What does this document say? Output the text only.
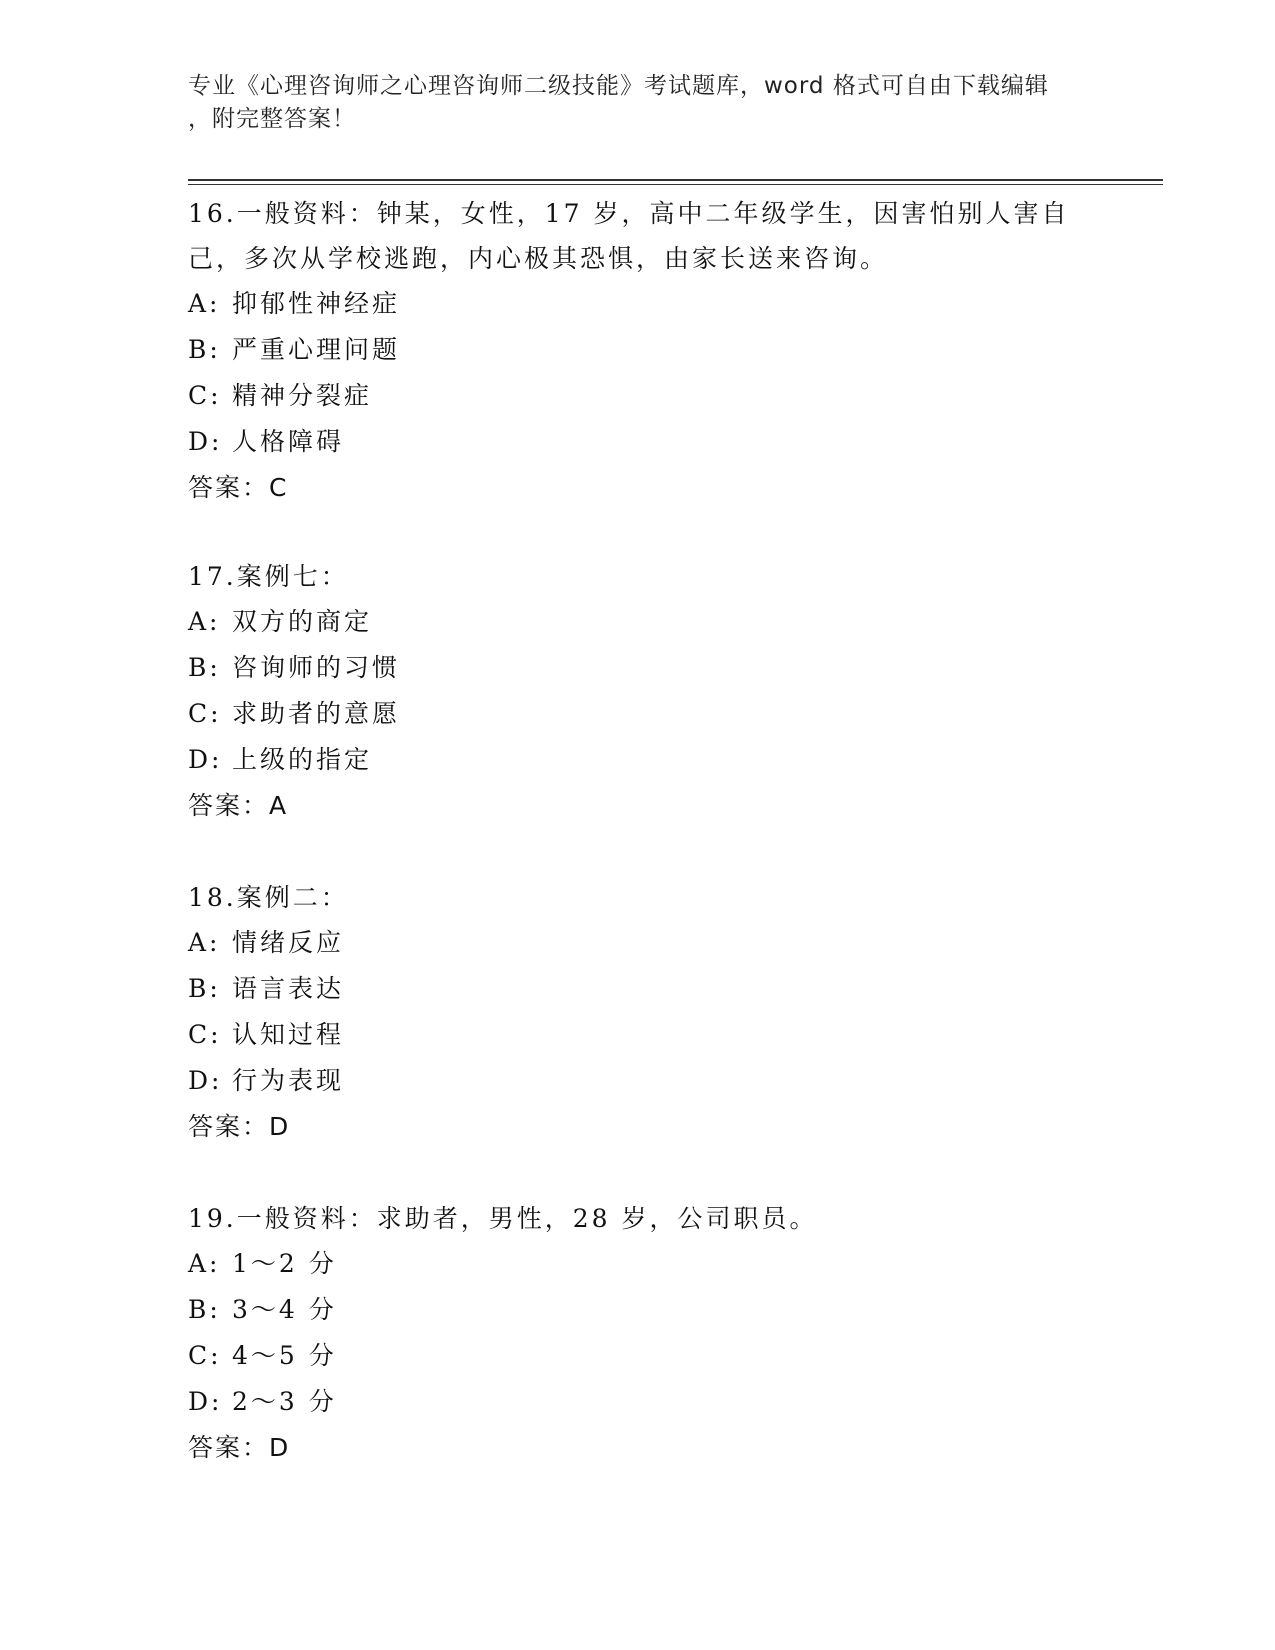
专业《心理咨询师之心理咨询师二级技能》考试题库，word 格式可自由下载编辑
，附完整答案！

16.一般资料：钟某，女性，17 岁，高中二年级学生，因害怕别人害自己，多次从学校逃跑，内心极其恐惧，由家长送来咨询。

A: 抑郁性神经症
B: 严重心理问题
C: 精神分裂症
D: 人格障碍
答案：C

17.案例七：

A: 双方的商定
B: 咨询师的习惯
C: 求助者的意愿
D: 上级的指定
答案：A

18.案例二：

A: 情绪反应
B: 语言表达
C: 认知过程
D: 行为表现
答案：D

19.一般资料：求助者，男性，28 岁，公司职员。

A: 1～2 分
B: 3～4 分
C: 4～5 分
D: 2～3 分
答案：D
